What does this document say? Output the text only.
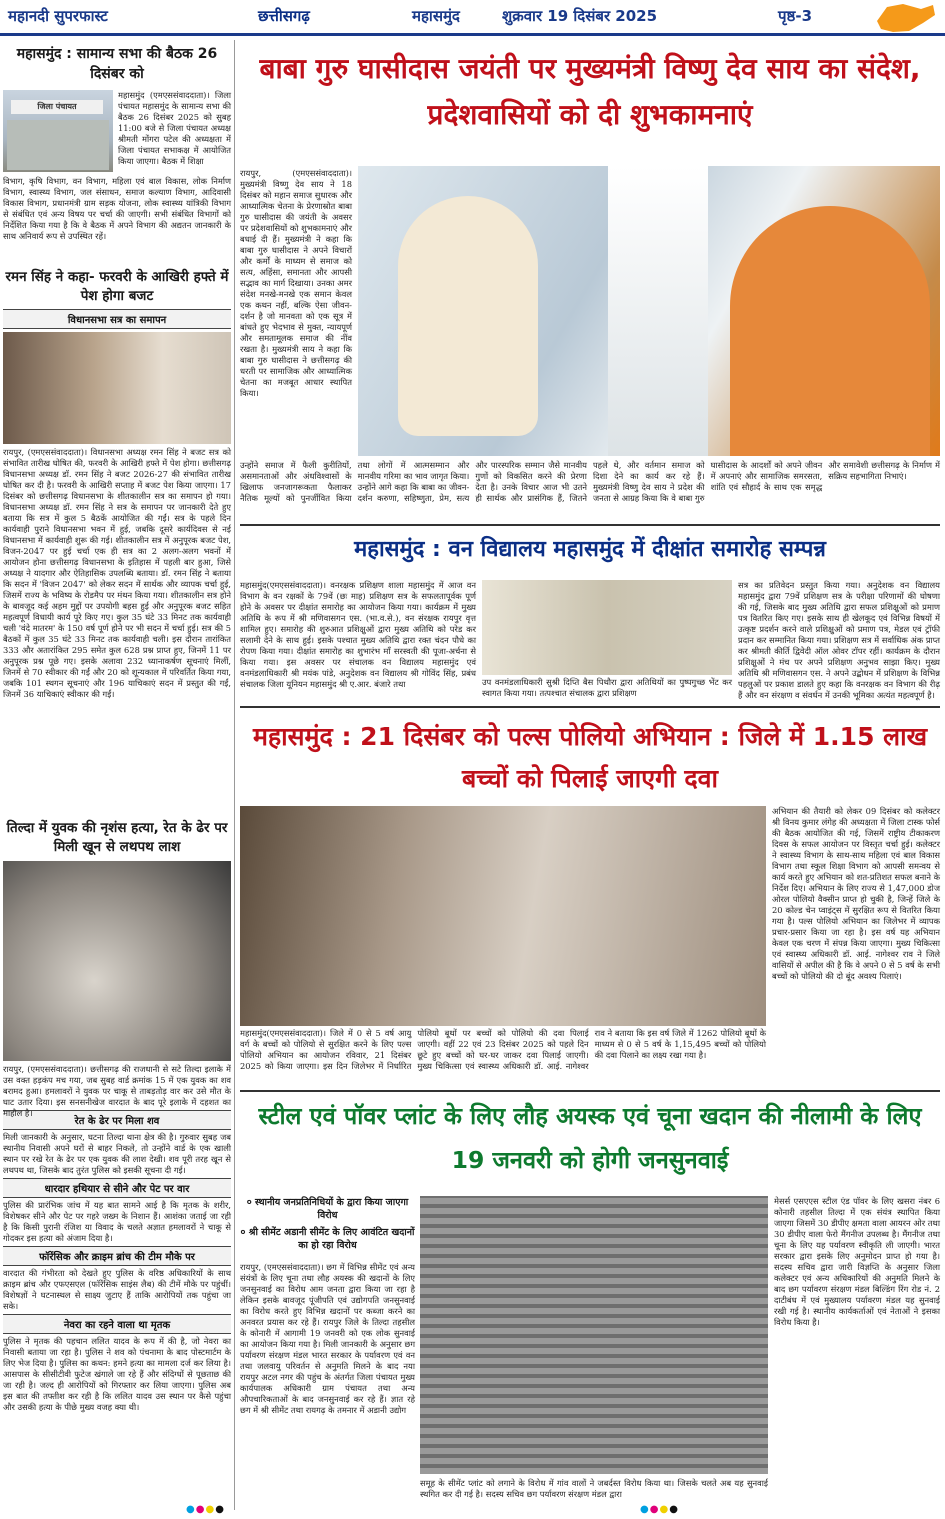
महानदी सुपरफास्ट	छत्तीसगढ़	महासमुंद	शुक्रवार 19 दिसंबर 2025	पृष्ठ-3
महासमुंद : सामान्य सभा की बैठक 26 दिसंबर को
जिला पंचायत
महासमुंद (एमएससंवाददाता)। जिला पंचायत महासमुंद के सामान्य सभा की बैठक 26 दिसंबर 2025 को सुबह 11:00 बजे से जिला पंचायत अध्यक्ष श्रीमती मोंगरा पटेल की अध्यक्षता में जिला पंचायत सभाकक्ष में आयोजित किया जाएगा। बैठक में शिक्षा
विभाग, कृषि विभाग, वन विभाग, महिला एवं बाल विकास, लोक निर्माण विभाग, स्वास्थ्य विभाग, जल संसाधन, समाज कल्याण विभाग, आदिवासी विकास विभाग, प्रधानमंत्री ग्राम सड़क योजना, लोक स्वास्थ्य यांत्रिकी विभाग से संबंधित एवं अन्य विषय पर चर्चा की जाएगी। सभी संबंधित विभागों को निर्देशित किया गया है कि वे बैठक में अपने विभाग की अद्यतन जानकारी के साथ अनिवार्य रूप से उपस्थित रहें।
रमन सिंह ने कहा- फरवरी के आखिरी हफ्ते में पेश होगा बजट
विधानसभा सत्र का समापन
रायपुर, (एमएससंवाददाता)। विधानसभा अध्यक्ष रमन सिंह ने बजट सत्र को संभावित तारीख घोषित की, फरवरी के आखिरी हफ्ते में पेश होगा। छत्तीसगढ़ विधानसभा अध्यक्ष डॉ. रमन सिंह ने बजट 2026-27 की संभावित तारीख घोषित कर दी है। फरवरी के आखिरी सप्ताह में बजट पेश किया जाएगा। 17 दिसंबर को छत्तीसगढ़ विधानसभा के शीतकालीन सत्र का समापन हो गया। विधानसभा अध्यक्ष डॉ. रमन सिंह ने सत्र के समापन पर जानकारी देते हुए बताया कि सत्र में कुल 5 बैठकें आयोजित की गईं। सत्र के पहले दिन कार्यवाही पुराने विधानसभा भवन में हुई, जबकि दूसरे कार्यदिवस से नई विधानसभा में कार्यवाही शुरू की गई। शीतकालीन सत्र में अनुपूरक बजट पेश, विजन-2047 पर हुई चर्चा एक ही सत्र का 2 अलग-अलग भवनों में आयोजन होना छत्तीसगढ़ विधानसभा के इतिहास में पहली बार हुआ, जिसे अध्यक्ष ने यादगार और ऐतिहासिक उपलब्धि बताया। डॉ. रमन सिंह ने बताया कि सदन में 'विजन 2047' को लेकर सदन में सार्थक और व्यापक चर्चा हुई, जिसमें राज्य के भविष्य के रोडमैप पर मंथन किया गया। शीतकालीन सत्र होने के बावजूद कई अहम मुद्दों पर उपयोगी बहस हुई और अनुपूरक बजट सहित महत्वपूर्ण विधायी कार्य पूरे किए गए। कुल 35 घंटे 33 मिनट तक कार्यवाही चली 'वंदे मातरम' के 150 वर्ष पूर्ण होने पर भी सदन में चर्चा हुई। सत्र की 5 बैठकों में कुल 35 घंटे 33 मिनट तक कार्यवाही चली। इस दौरान तारांकित 333 और अतारांकित 295 समेत कुल 628 प्रश्न प्राप्त हुए, जिनमें 11 पर अनुपूरक प्रश्न पूछे गए। इसके अलावा 232 ध्यानाकर्षण सूचनाएं मिलीं, जिनमें से 70 स्वीकार की गईं और 20 को शून्यकाल में परिवर्तित किया गया, जबकि 101 स्थगन सूचनाएं और 196 याचिकाएं सदन में प्रस्तुत की गईं, जिनमें 36 याचिकाएं स्वीकार की गईं।
तिल्दा में युवक की नृशंस हत्या, रेत के ढेर पर मिली खून से लथपथ लाश
रायपुर, (एमएससंवाददाता)। छत्तीसगढ़ की राजधानी से सटे तिल्दा इलाके में उस वक्त हड़कंप मच गया, जब सुबह वार्ड क्रमांक 15 में एक युवक का शव बरामद हुआ। हमलावरों ने युवक पर चाकू से ताबड़तोड़ वार कर उसे मौत के घाट उतार दिया। इस सनसनीखेज वारदात के बाद पूरे इलाके में दहशत का माहौल है।
रेत के ढेर पर मिला शव
मिली जानकारी के अनुसार, घटना तिल्दा थाना क्षेत्र की है। गुरुवार सुबह जब स्थानीय निवासी अपने घरों से बाहर निकले, तो उन्होंने वार्ड के एक खाली स्थान पर रखे रेत के ढेर पर एक युवक की लाश देखी। शव पूरी तरह खून से लथपथ था, जिसके बाद तुरंत पुलिस को इसकी सूचना दी गई।
धारदार हथियार से सीने और पेट पर वार
पुलिस की प्रारंभिक जांच में यह बात सामने आई है कि मृतक के शरीर, विशेषकर सीने और पेट पर गहरे जख्म के निशान हैं। आशंका जताई जा रही है कि किसी पुरानी रंजिश या विवाद के चलते अज्ञात हमलावरों ने चाकू से गोदकर इस हत्या को अंजाम दिया है।
फॉरेंसिक और क्राइम ब्रांच की टीम मौके पर
वारदात की गंभीरता को देखते हुए पुलिस के वरिष्ठ अधिकारियों के साथ क्राइम ब्रांच और एफएसएल (फॉरेंसिक साइंस लैब) की टीमें मौके पर पहुंचीं। विशेषज्ञों ने घटनास्थल से साक्ष्य जुटाए हैं ताकि आरोपियों तक पहुंचा जा सके।
नेवरा का रहने वाला था मृतक
पुलिस ने मृतक की पहचान ललित यादव के रूप में की है, जो नेवरा का निवासी बताया जा रहा है। पुलिस ने शव को पंचनामा के बाद पोस्टमार्टम के लिए भेज दिया है। पुलिस का कथन: हमने हत्या का मामला दर्ज कर लिया है। आसपास के सीसीटीवी फुटेज खंगाले जा रहे हैं और संदिग्धों से पूछताछ की जा रही है। जल्द ही आरोपियों को गिरफ्तार कर लिया जाएगा। पुलिस अब इस बात की तफ्तीश कर रही है कि ललित यादव उस स्थान पर कैसे पहुंचा और उसकी हत्या के पीछे मुख्य वजह क्या थी।
बाबा गुरु घासीदास जयंती पर मुख्यमंत्री विष्णु देव साय का संदेश, प्रदेशवासियों को दी शुभकामनाएं
रायपुर, (एमएससंवाददाता)। मुख्यमंत्री विष्णु देव साय ने 18 दिसंबर को महान समाज सुधारक और आध्यात्मिक चेतना के प्रेरणास्रोत बाबा गुरु घासीदास की जयंती के अवसर पर प्रदेशवासियों को शुभकामनाएं और बधाई दी हैं। मुख्यमंत्री ने कहा कि बाबा गुरु घासीदास ने अपने विचारों और कर्मों के माध्यम से समाज को सत्य, अहिंसा, समानता और आपसी सद्भाव का मार्ग दिखाया। उनका अमर संदेश मनखे-मनखे एक समान केवल एक कथन नहीं, बल्कि ऐसा जीवन-दर्शन है जो मानवता को एक सूत्र में बांधते हुए भेदभाव से मुक्त, न्यायपूर्ण और समतामूलक समाज की नींव रखता है। मुख्यमंत्री साय ने कहा कि बाबा गुरु घासीदास ने छत्तीसगढ़ की धरती पर सामाजिक और आध्यात्मिक चेतना का मजबूत आधार स्थापित किया।
उन्होंने समाज में फैली कुरीतियों, असमानताओं और अंधविश्वासों के खिलाफ जनजागरूकता फैलाकर नैतिक मूल्यों को पुनर्जीवित किया तथा लोगों में आत्मसम्मान और मानवीय गरिमा का भाव जागृत किया। उन्होंने आगे कहा कि बाबा का जीवन-दर्शन करुणा, सहिष्णुता, प्रेम, सत्य और पारस्परिक सम्मान जैसे मानवीय गुणों को विकसित करने की प्रेरणा देता है। उनके विचार आज भी उतने ही सार्थक और प्रासंगिक हैं, जितने पहले थे, और वर्तमान समाज को दिशा देने का कार्य कर रहे हैं। मुख्यमंत्री विष्णु देव साय ने प्रदेश की जनता से आग्रह किया कि वे बाबा गुरु घासीदास के आदर्शों को अपने जीवन में अपनाएं और सामाजिक समरसता, शांति एवं सौहार्द के साथ एक समृद्ध और समावेशी छत्तीसगढ़ के निर्माण में सक्रिय सहभागिता निभाएं।
महासमुंद : वन विद्यालय महासमुंद में दीक्षांत समारोह सम्पन्न
महासमुंद(एमएससंवाददाता)। वनरक्षक प्रशिक्षण शाला महासमुंद में आज वन विभाग के वन रक्षकों के 79वें (छः माह) प्रशिक्षण सत्र के सफलतापूर्वक पूर्ण होने के अवसर पर दीक्षांत समारोह का आयोजन किया गया। कार्यक्रम में मुख्य अतिथि के रूप में श्री मणिवासगन एस. (भा.व.से.), वन संरक्षक रायपुर वृत्त शामिल हुए। समारोह की शुरुआत प्रशिक्षुओं द्वारा मुख्य अतिथि को परेड कर सलामी देने के साथ हुई। इसके पश्चात मुख्य अतिथि द्वारा रक्त चंदन पौधे का रोपण किया गया। दीक्षांत समारोह का शुभारंभ माँ सरस्वती की पूजा-अर्चना से किया गया। इस अवसर पर संचालक वन विद्यालय महासमुंद एवं वनमंडलाधिकारी श्री मयंक पांडे, अनुदेशक वन विद्यालय श्री गोविंद सिंह, प्रबंध संचालक जिला यूनियन महासमुंद श्री ए.आर. बंजारे तथा	उप वनमंडलाधिकारी सुश्री दिप्ति बैस पिथौरा द्वारा अतिथियों का पुष्पगुच्छ भेंट कर स्वागत किया गया। तत्पश्चात संचालक द्वारा प्रशिक्षण
सत्र का प्रतिवेदन प्रस्तुत किया गया। अनुदेशक वन विद्यालय महासमुंद द्वारा 79वें प्रशिक्षण सत्र के परीक्षा परिणामों की घोषणा की गई, जिसके बाद मुख्य अतिथि द्वारा सफल प्रशिक्षुओं को प्रमाण पत्र वितरित किए गए। इसके साथ ही खेलकूद एवं विभिन्न विषयों में उत्कृष्ट प्रदर्शन करने वाले प्रशिक्षुओं को प्रमाण पत्र, मेडल एवं ट्रॉफी प्रदान कर सम्मानित किया गया। प्रशिक्षण सत्र में सर्वाधिक अंक प्राप्त कर श्रीमती कीर्ति द्विवेदी ऑल ओवर टॉपर रहीं। कार्यक्रम के दौरान प्रशिक्षुओं ने मंच पर अपने प्रशिक्षण अनुभव साझा किए। मुख्य अतिथि श्री मणिवासगन एस. ने अपने उद्बोधन में प्रशिक्षण के विभिन्न पहलुओं पर प्रकाश डालते हुए कहा कि वनरक्षक वन विभाग की रीढ़ हैं और वन संरक्षण व संवर्धन में उनकी भूमिका अत्यंत महत्वपूर्ण है।
महासमुंद : 21 दिसंबर को पल्स पोलियो अभियान : जिले में 1.15 लाख बच्चों को पिलाई जाएगी दवा
अभियान की तैयारी को लेकर 09 दिसंबर को कलेक्टर श्री विनय कुमार लंगेह की अध्यक्षता में जिला टास्क फोर्स की बैठक आयोजित की गई, जिसमें राष्ट्रीय टीकाकरण दिवस के सफल आयोजन पर विस्तृत चर्चा हुई। कलेक्टर ने स्वास्थ्य विभाग के साथ-साथ महिला एवं बाल विकास विभाग तथा स्कूल शिक्षा विभाग को आपसी समन्वय से कार्य करते हुए अभियान को शत-प्रतिशत सफल बनाने के निर्देश दिए। अभियान के लिए राज्य से 1,47,000 डोज ओरल पोलियो वैक्सीन प्राप्त हो चुकी है, जिन्हें जिले के 20 कोल्ड चेन प्वाइंट्स में सुरक्षित रूप से वितरित किया गया है। पल्स पोलियो अभियान का जिलेभर में व्यापक प्रचार-प्रसार किया जा रहा है। इस वर्ष यह अभियान केवल एक चरण में संपन्न किया जाएगा। मुख्य चिकित्सा एवं स्वास्थ्य अधिकारी डॉ. आई. नागेश्वर राव ने जिले वासियों से अपील की है कि वे अपने 0 से 5 वर्ष के सभी बच्चों को पोलियो की दो बूंद अवश्य पिलाएं।
महासमुंद(एमएससंवाददाता)। जिले में 0 से 5 वर्ष आयु वर्ग के बच्चों को पोलियो से सुरक्षित करने के लिए पल्स पोलियो अभियान का आयोजन रविवार, 21 दिसंबर 2025 को किया जाएगा। इस दिन जिलेभर में निर्धारित पोलियो बूथों पर बच्चों को पोलियो की दवा पिलाई जाएगी। वहीं 22 एवं 23 दिसंबर 2025 को पहले दिन छूटे हुए बच्चों को घर-घर जाकर दवा पिलाई जाएगी। मुख्य चिकित्सा एवं स्वास्थ्य अधिकारी डॉ. आई. नागेश्वर राव ने बताया कि इस वर्ष जिले में 1262 पोलियो बूथों के माध्यम से 0 से 5 वर्ष के 1,15,495 बच्चों को पोलियो की दवा पिलाने का लक्ष्य रखा गया है।
स्टील एवं पॉवर प्लांट के लिए लौह अयस्क एवं चूना खदान की नीलामी के लिए 19 जनवरी को होगी जनसुनवाई
० स्थानीय जनप्रतिनिधियों के द्वारा किया जाएगा विरोध
० श्री सीमेंट अडानी सीमेंट के लिए आवंटित खदानों का हो रहा विरोध
रायपुर, (एमएससंवाददाता)। छग में विभिन्न सीमेंट एवं अन्य संयंत्रों के लिए चूना तथा लौह अयस्क की खदानों के लिए जनसुनवाई का विरोध आम जनता द्वारा किया जा रहा है लेकिन इसके बावजूद पूंजीपति एवं उद्योगपति जनसुनवाई का विरोध करते हुए विभिन्न खदानों पर कब्जा करने का अनवरत प्रयास कर रहे हैं। रायपुर जिले के तिल्दा तहसील के कोनारी में आगामी 19 जनवरी को एक लोक सुनवाई का आयोजन किया गया है। मिली जानकारी के अनुसार छग पर्यावरण संरक्षण मंडल भारत सरकार के पर्यावरण एवं वन तथा जलवायु परिवर्तन से अनुमति मिलने के बाद नया रायपुर अटल नगर की पहुंच के अंतर्गत जिला पंचायत मुख्य कार्यपालक अधिकारी ग्राम पंचायत तथा अन्य औपचारिकताओं के बाद जनसुनवाई कर रहे हैं। ज्ञात रहे छग में श्री सीमेंट तथा रायगढ़ के तमनार में अडानी उद्योग
समूह के सीमेंट प्लांट को लगाने के विरोध में गांव वालों ने जबर्दस्त विरोध किया था। जिसके चलते अब यह सुनवाई स्थगित कर दी गई है। सदस्य सचिव छग पर्यावरण संरक्षण मंडल द्वारा
मेसर्स एसएएस स्टील एंड पॉवर के लिए खसरा नंबर 6 कोनारी तहसील तिल्दा में एक संयंत्र स्थापित किया जाएगा जिसमें 30 डीपीए क्षमता वाला आयरन ओर तथा 30 डीपीए वाला फेरो मैंगनीज उपलब्ध है। मैंगनीज तथा चूना के लिए यह पर्यावरण स्वीकृति ली जाएगी। भारत सरकार द्वारा इसके लिए अनुमोदन प्राप्त हो गया है। सदस्य सचिव द्वारा जारी विज्ञप्ति के अनुसार जिला कलेक्टर एवं अन्य अधिकारियों की अनुमति मिलने के बाद छग पर्यावरण संरक्षण मंडल बिल्डिंग रिंग रोड नं. 2 दाटीबंध में एवं मुख्यालय पर्यावरण मंडल यह सुनवाई रखी गई है। स्थानीय कार्यकर्ताओं एवं नेताओं ने इसका विरोध किया है।
●●●●	●●●●
